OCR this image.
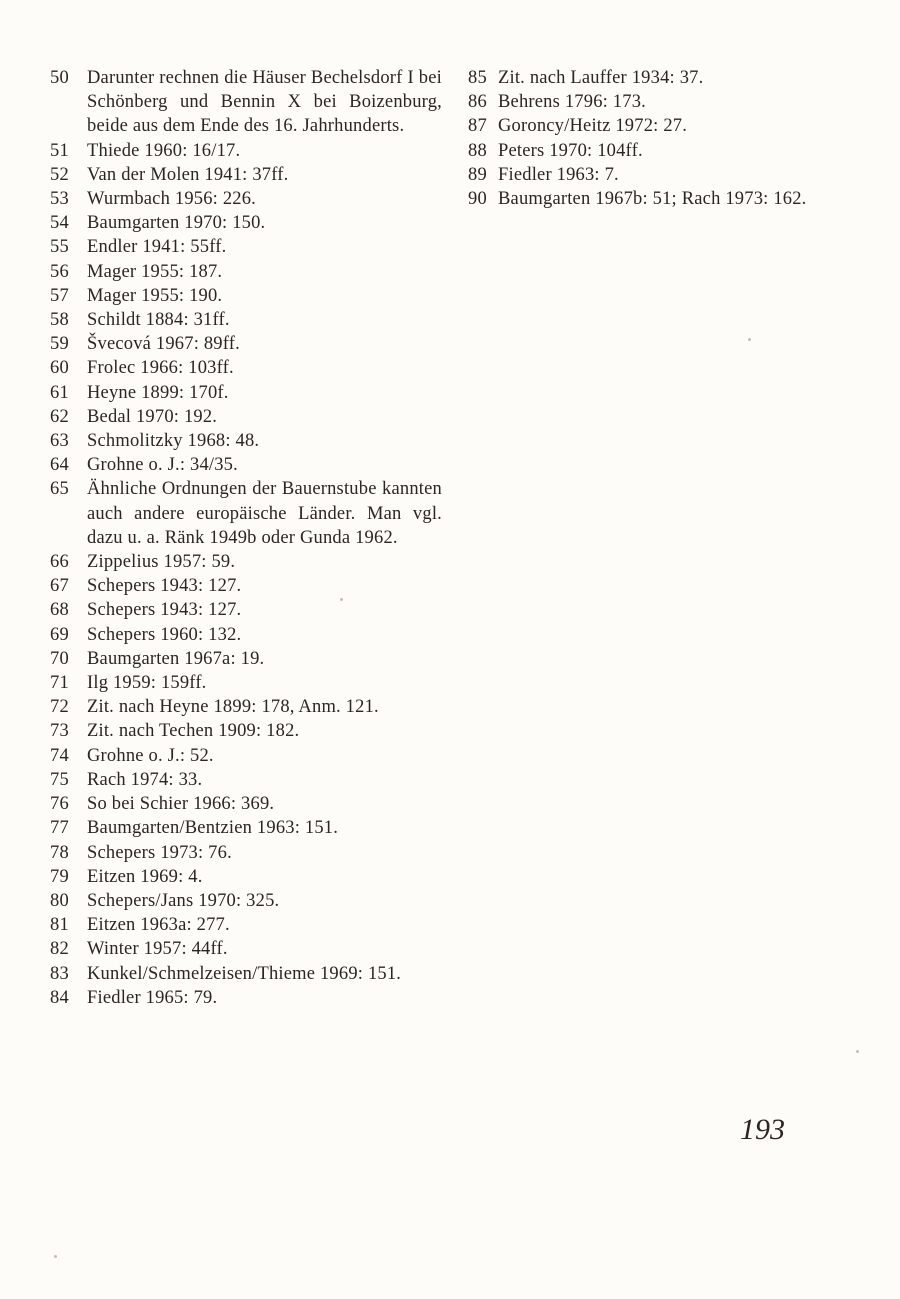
50 Darunter rechnen die Häuser Bechelsdorf I bei Schönberg und Bennin X bei Boizenburg, beide aus dem Ende des 16. Jahrhunderts.
51 Thiede 1960: 16/17.
52 Van der Molen 1941: 37ff.
53 Wurmbach 1956: 226.
54 Baumgarten 1970: 150.
55 Endler 1941: 55ff.
56 Mager 1955: 187.
57 Mager 1955: 190.
58 Schildt 1884: 31ff.
59 Švecová 1967: 89ff.
60 Frolec 1966: 103ff.
61 Heyne 1899: 170f.
62 Bedal 1970: 192.
63 Schmolitzky 1968: 48.
64 Grohne o. J.: 34/35.
65 Ähnliche Ordnungen der Bauernstube kannten auch andere europäische Länder. Man vgl. dazu u. a. Ränk 1949b oder Gunda 1962.
66 Zippelius 1957: 59.
67 Schepers 1943: 127.
68 Schepers 1943: 127.
69 Schepers 1960: 132.
70 Baumgarten 1967a: 19.
71 Ilg 1959: 159ff.
72 Zit. nach Heyne 1899: 178, Anm. 121.
73 Zit. nach Techen 1909: 182.
74 Grohne o. J.: 52.
75 Rach 1974: 33.
76 So bei Schier 1966: 369.
77 Baumgarten/Bentzien 1963: 151.
78 Schepers 1973: 76.
79 Eitzen 1969: 4.
80 Schepers/Jans 1970: 325.
81 Eitzen 1963a: 277.
82 Winter 1957: 44ff.
83 Kunkel/Schmelzeisen/Thieme 1969: 151.
84 Fiedler 1965: 79.
85 Zit. nach Lauffer 1934: 37.
86 Behrens 1796: 173.
87 Goroncy/Heitz 1972: 27.
88 Peters 1970: 104ff.
89 Fiedler 1963: 7.
90 Baumgarten 1967b: 51; Rach 1973: 162.
193
